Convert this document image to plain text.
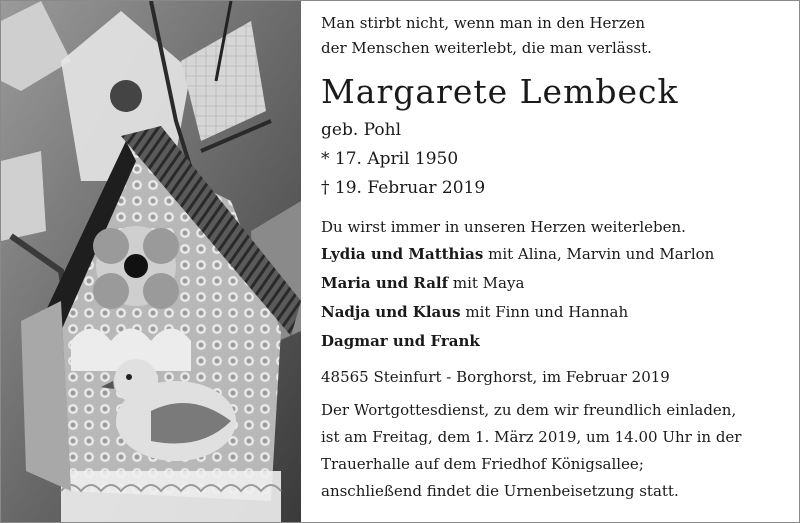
Man stirbt nicht, wenn man in den Herzen
der Menschen weiterlebt, die man verlässt.
Margarete Lembeck
geb. Pohl
* 17. April 1950
† 19. Februar 2019
Du wirst immer in unseren Herzen weiterleben.
Lydia und Matthias mit Alina, Marvin und Marlon
Maria und Ralf mit Maya
Nadja und Klaus mit Finn und Hannah
Dagmar und Frank
48565 Steinfurt - Borghorst, im Februar 2019
Der Wortgottesdienst, zu dem wir freundlich einladen,
ist am Freitag, dem 1. März 2019, um 14.00 Uhr in der
Trauerhalle auf dem Friedhof Königsallee;
anschließend findet die Urnenbeisetzung statt.
